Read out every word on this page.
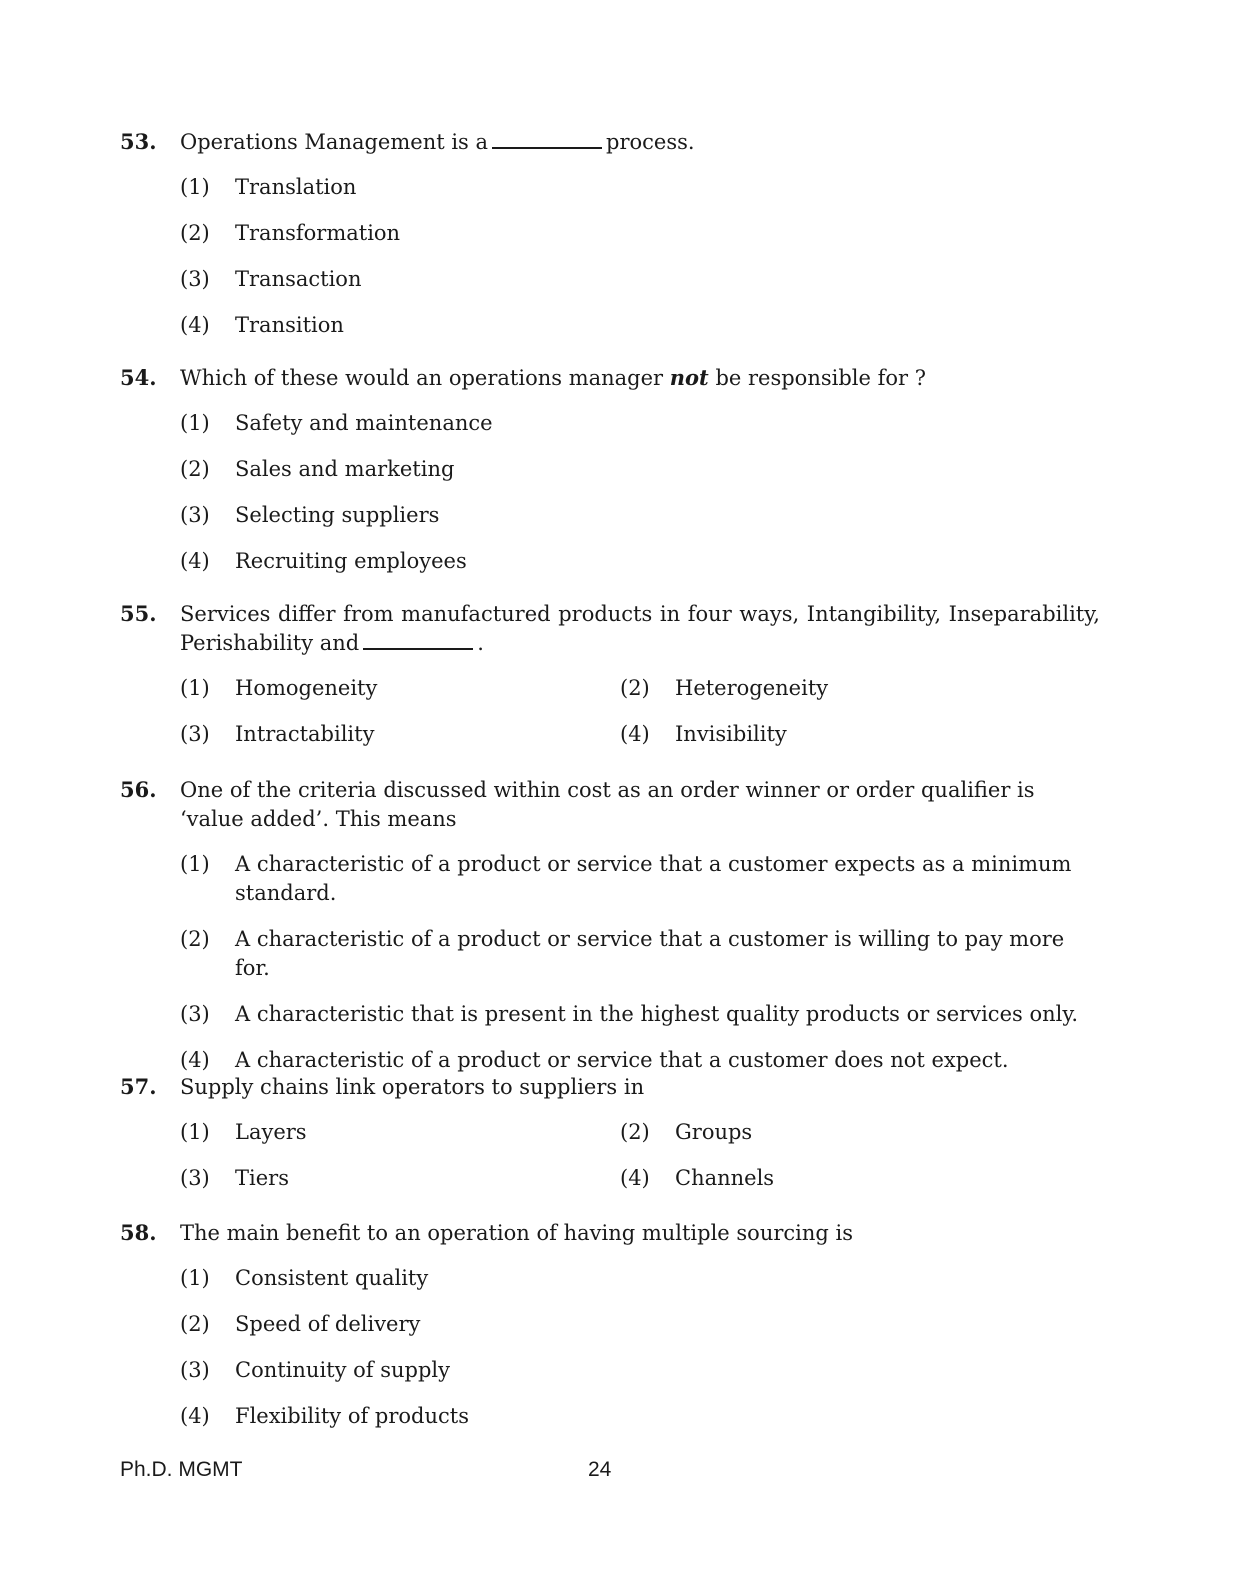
53. Operations Management is a	process.
(1) Translation
(2) Transformation
(3) Transaction
(4) Transition
54. Which of these would an operations manager not be responsible for ?
(1) Safety and maintenance
(2) Sales and marketing
(3) Selecting suppliers
(4) Recruiting employees
55. Services differ from manufactured products in four ways, Intangibility, Inseparability, Perishability and	.
(1) Homogeneity	(2) Heterogeneity
(3) Intractability	(4) Invisibility
56. One of the criteria discussed within cost as an order winner or order qualifier is ‘value added’. This means
(1) A characteristic of a product or service that a customer expects as a minimum standard.
(2) A characteristic of a product or service that a customer is willing to pay more for.
(3) A characteristic that is present in the highest quality products or services only.
(4) A characteristic of a product or service that a customer does not expect.
57. Supply chains link operators to suppliers in
(1) Layers	(2) Groups
(3) Tiers	(4) Channels
58. The main benefit to an operation of having multiple sourcing is
(1) Consistent quality
(2) Speed of delivery
(3) Continuity of supply
(4) Flexibility of products
Ph.D. MGMT	24
